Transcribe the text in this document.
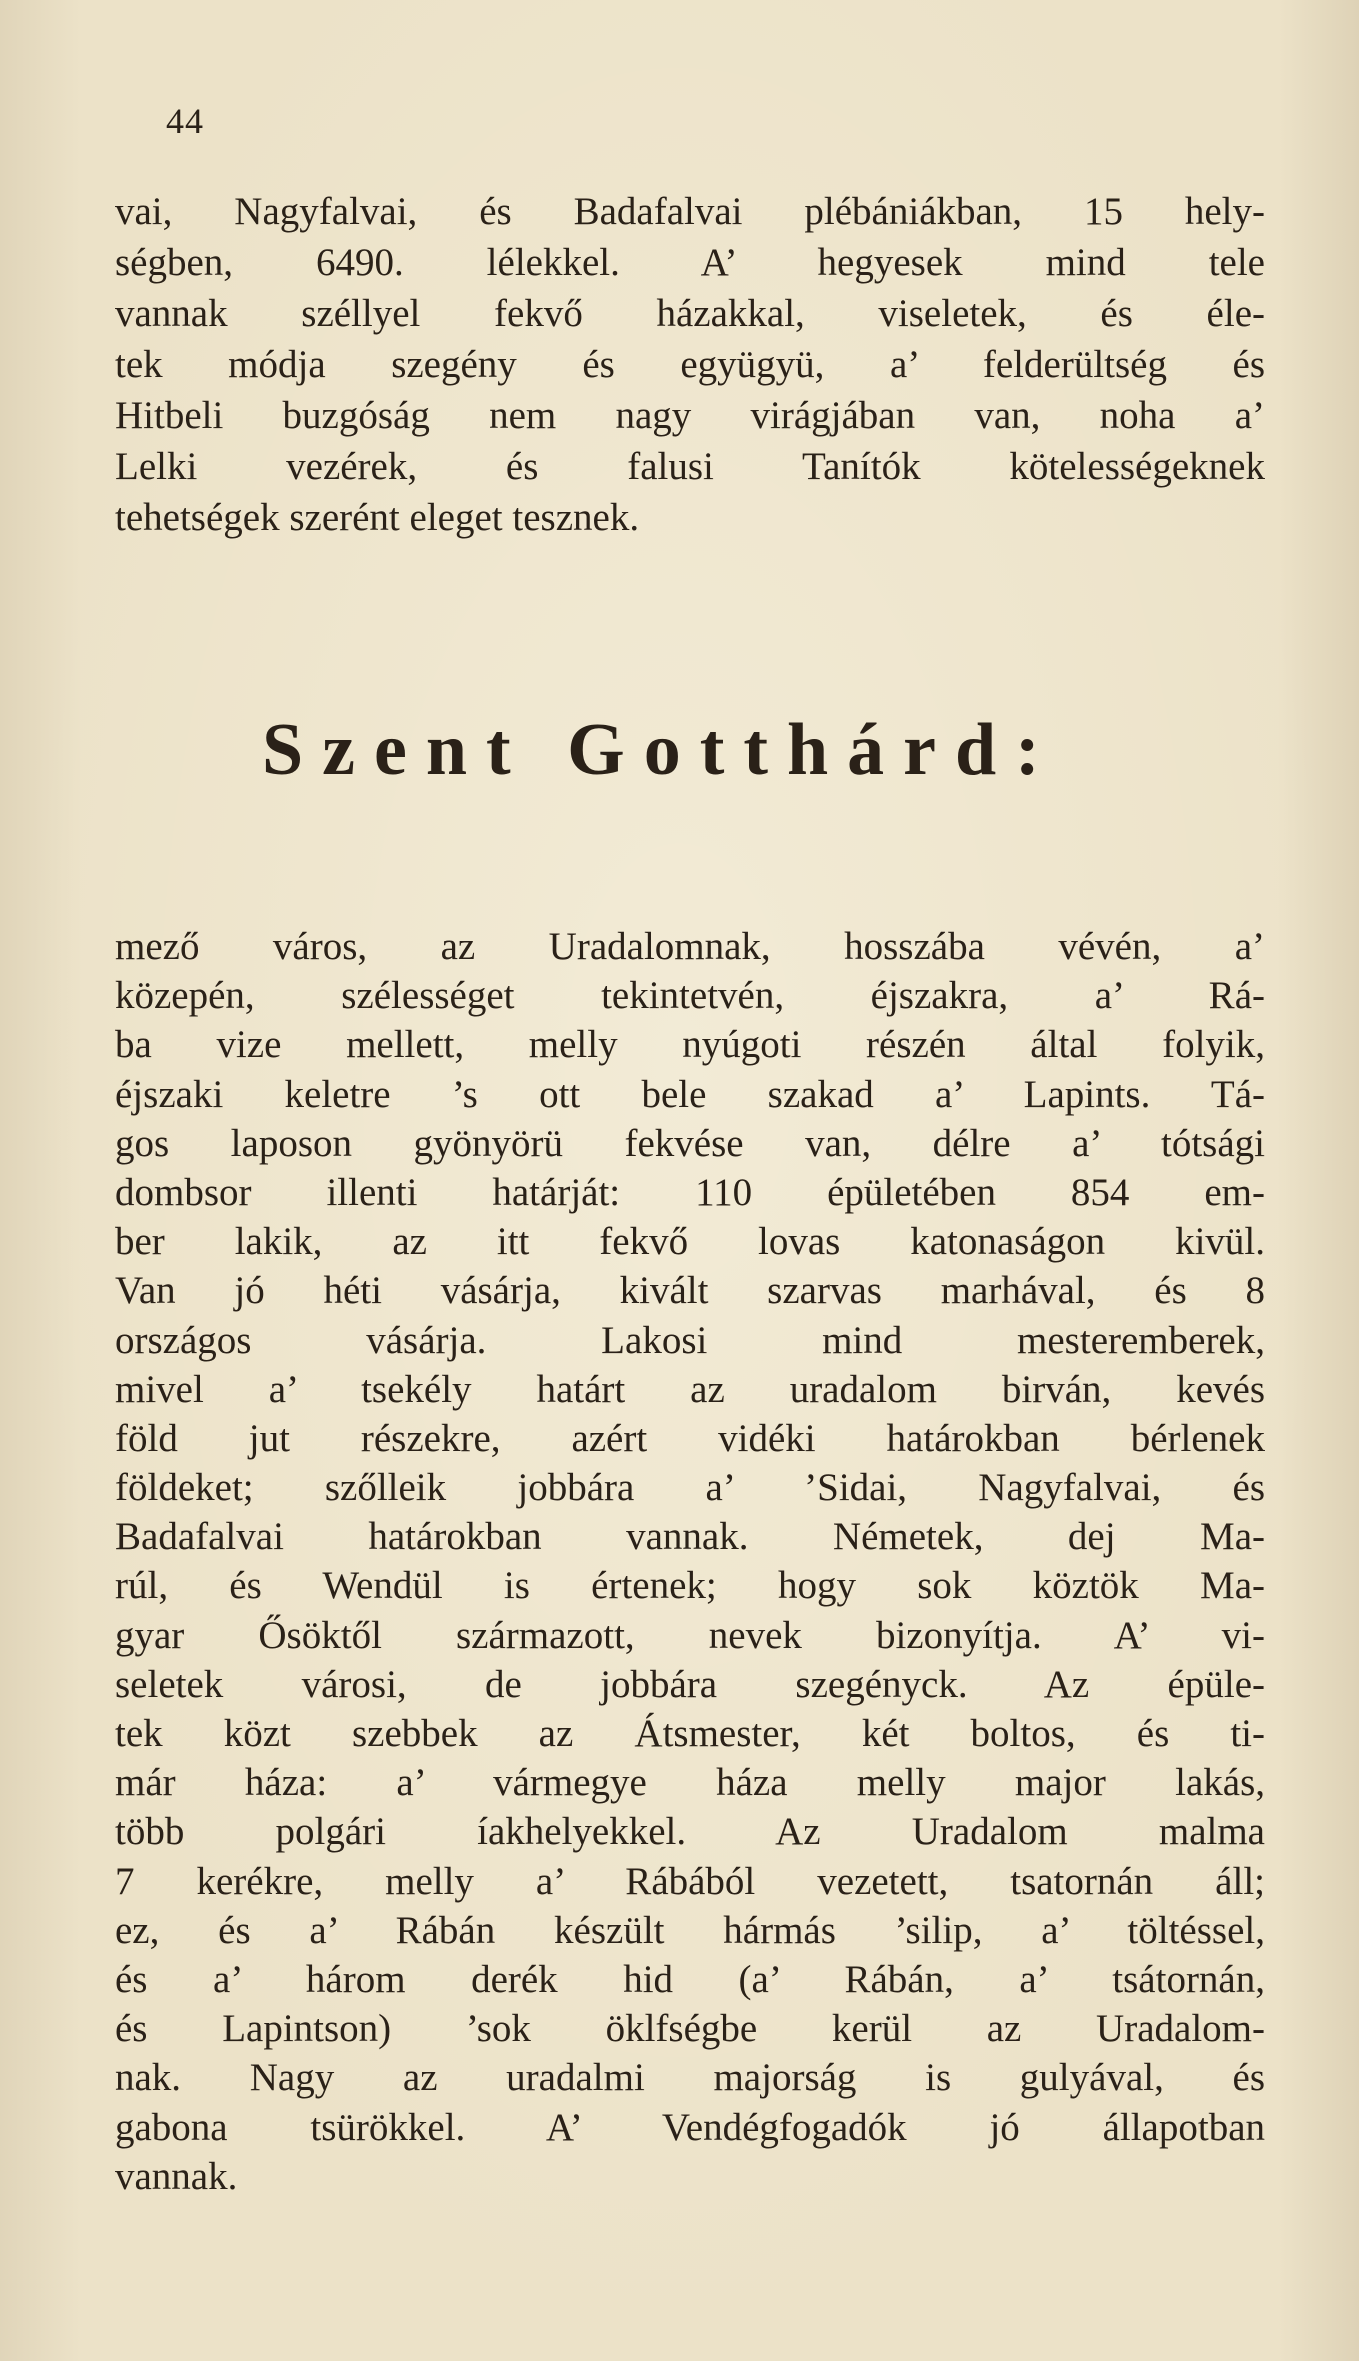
44
vai, Nagyfalvai, és Badafalvai plébániákban, 15 hely-
ségben, 6490. lélekkel. A’ hegyesek mind tele
vannak széllyel fekvő házakkal, viseletek, és éle-
tek módja szegény és együgyü, a’ felderültség és
Hitbeli buzgóság nem nagy virágjában van, noha a’
Lelki vezérek, és falusi Tanítók kötelességeknek
tehetségek szerént eleget tesznek.
Szent Gotthárd:
mező város, az Uradalomnak, hosszába vévén, a’
közepén, szélességet tekintetvén, éjszakra, a’ Rá-
ba vize mellett, melly nyúgoti részén által folyik,
éjszaki keletre ’s ott bele szakad a’ Lapints. Tá-
gos laposon gyönyörü fekvése van, délre a’ tótsági
dombsor illenti határját: 110 épületében 854 em-
ber lakik, az itt fekvő lovas katonaságon kivül.
Van jó héti vásárja, kivált szarvas marhával, és 8
országos vásárja. Lakosi mind mesteremberek,
mivel a’ tsekély határt az uradalom birván, kevés
föld jut részekre, azért vidéki határokban bérlenek
földeket; szőlleik jobbára a’ ’Sidai, Nagyfalvai, és
Badafalvai határokban vannak. Németek, dej Ma-
rúl, és Wendül is értenek; hogy sok köztök Ma-
gyar Ősöktől származott, nevek bizonyítja. A’ vi-
seletek városi, de jobbára szegényck. Az épüle-
tek közt szebbek az Átsmester, két boltos, és ti-
már háza: a’ vármegye háza melly major lakás,
több polgári íakhelyekkel. Az Uradalom malma
7 kerékre, melly a’ Rábából vezetett, tsatornán áll;
ez, és a’ Rábán készült hármás ’silip, a’ töltéssel,
és a’ három derék hid (a’ Rábán, a’ tsátornán,
és Lapintson) ’sok öklfségbe kerül az Uradalom-
nak. Nagy az uradalmi majorság is gulyával, és
gabona tsürökkel. A’ Vendégfogadók jó állapotban
vannak.
